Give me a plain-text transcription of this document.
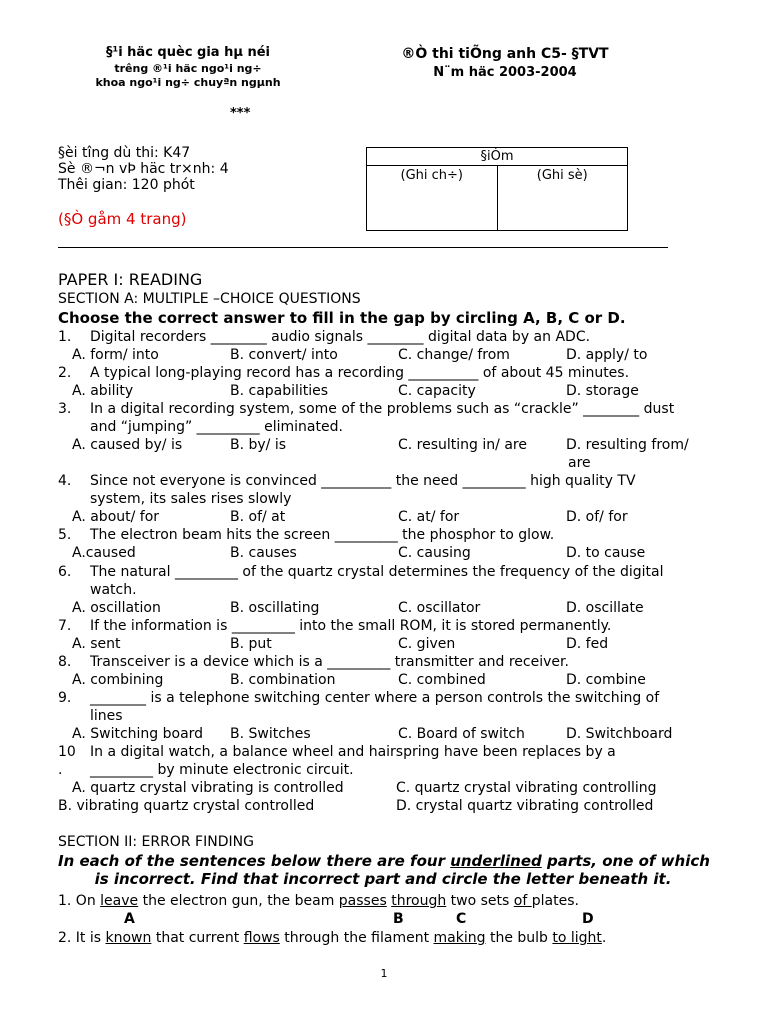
§¹i häc quèc gia hµ néi
trêng ®¹i häc ngo¹i ng÷
khoa ngo¹i ng÷ chuyªn ngµnh
***
®Ò thi tiÕng anh C5- §TVT
N¨m häc 2003-2004
§èi tîng dù thi: K47
Sè ®¬n vÞ häc tr×nh: 4
Thêi gian: 120 phót
(§Ò gåm 4 trang)
§iÓm
(Ghi ch÷)	(Ghi sè)
PAPER I: READING
SECTION A: MULTIPLE –CHOICE QUESTIONS
Choose the correct answer to fill in the gap by circling A, B, C or D.
1. Digital recorders ________ audio signals ________ digital data by an ADC.
A. form/ into	B. convert/ into	C. change/ from	D. apply/ to
2. A typical long-playing record has a recording __________ of about 45 minutes.
A. ability	B. capabilities	C. capacity	D. storage
3. In a digital recording system, some of the problems such as “crackle” ________ dust
and “jumping” _________ eliminated.
A. caused by/ is	B. by/ is	C. resulting in/ are	D. resulting from/
are
4. Since not everyone is convinced __________ the need _________ high quality TV
system, its sales rises slowly
A. about/ for	B. of/ at	C. at/ for	D. of/ for
5. The electron beam hits the screen _________ the phosphor to glow.
A.caused	B. causes	C. causing	D. to cause
6. The natural _________ of the quartz crystal determines the frequency of the digital
watch.
A. oscillation	B. oscillating	C. oscillator	D. oscillate
7. If the information is _________ into the small ROM, it is stored permanently.
A. sent	B. put	C. given	D. fed
8. Transceiver is a device which is a _________ transmitter and receiver.
A. combining	B. combination	C. combined	D. combine
9. ________ is a telephone switching center where a person controls the switching of
lines
A. Switching board B. Switches	C. Board of switch	D. Switchboard
10 In a digital watch, a balance wheel and hairspring have been replaces by a
. _________ by minute electronic circuit.
A. quartz crystal vibrating is controlled	C. quartz crystal vibrating controlling
B. vibrating quartz crystal controlled	D. crystal quartz vibrating controlled
SECTION II: ERROR FINDING
In each of the sentences below there are four underlined parts, one of which
is incorrect. Find that incorrect part and circle the letter beneath it.
1. On leave the electron gun, the beam passes through two sets of plates.
A	B	C	D
2. It is known that current flows through the filament making the bulb to light.
1
